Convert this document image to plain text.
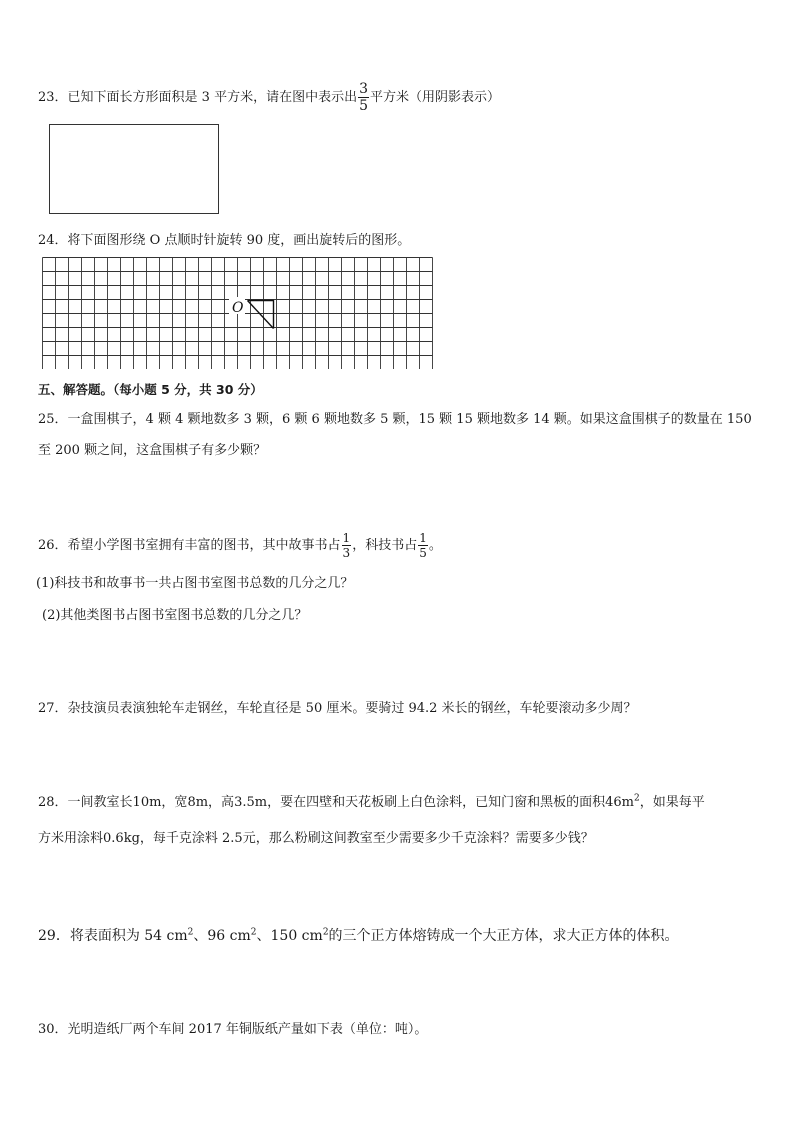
23．已知下面长方形面积是 3 平方米，请在图中表示出 $\frac{3}{5}$ 平方米（用阴影表示）
24．将下面图形绕 O 点顺时针旋转 90 度，画出旋转后的图形。
O
五、解答题。（每小题 5 分，共 30 分）
25．一盒围棋子，4 颗 4 颗地数多 3 颗，6 颗 6 颗地数多 5 颗，15 颗 15 颗地数多 14 颗。如果这盒围棋子的数量在 150
至 200 颗之间，这盒围棋子有多少颗？
26．希望小学图书室拥有丰富的图书，其中故事书占 $\frac{1}{3}$ ，科技书占 $\frac{1}{5}$ 。
(1)科技书和故事书一共占图书室图书总数的几分之几？
(2)其他类图书占图书室图书总数的几分之几？
27．杂技演员表演独轮车走钢丝，车轮直径是 50 厘米。要骑过 94.2 米长的钢丝，车轮要滚动多少周？
28．一间教室长10m，宽8m，高3.5m，要在四壁和天花板刷上白色涂料，已知门窗和黑板的面积$46m^2$，如果每平
方米用涂料0.6kg，每千克涂料 2.5元，那么粉刷这间教室至少需要多少千克涂料？需要多少钱？
29．将表面积为 54 $cm^2$、96 $cm^2$、150 $cm^2$的三个正方体熔铸成一个大正方体，求大正方体的体积。
30．光明造纸厂两个车间 2017 年铜版纸产量如下表（单位：吨）。
